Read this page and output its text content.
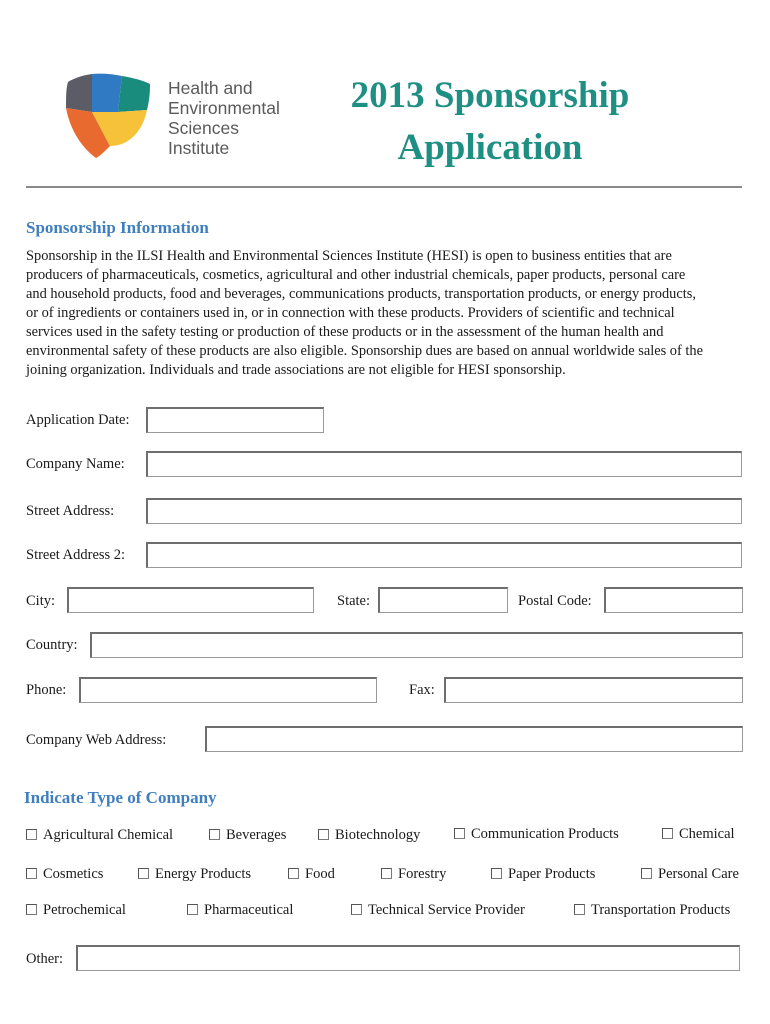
Health and
Environmental
Sciences
Institute
2013 Sponsorship
Application
Sponsorship Information
Sponsorship in the ILSI Health and Environmental Sciences Institute (HESI) is open to business entities that are
producers of pharmaceuticals, cosmetics, agricultural and other industrial chemicals, paper products, personal care
and household products, food and beverages, communications products, transportation products, or energy products,
or of ingredients or containers used in, or in connection with these products. Providers of scientific and technical
services used in the safety testing or production of these products or in the assessment of the human health and
environmental safety of these products are also eligible. Sponsorship dues are based on annual worldwide sales of the
joining organization. Individuals and trade associations are not eligible for HESI sponsorship.
Application Date:
Company Name:
Street Address:
Street Address 2:
City:	State:	Postal Code:
Country:
Phone:	Fax:
Company Web Address:
Indicate Type of Company
Agricultural Chemical	Beverages	Biotechnology	Communication Products	Chemical
Cosmetics	Energy Products	Food	Forestry	Paper Products	Personal Care
Petrochemical	Pharmaceutical	Technical Service Provider	Transportation Products
Other:
